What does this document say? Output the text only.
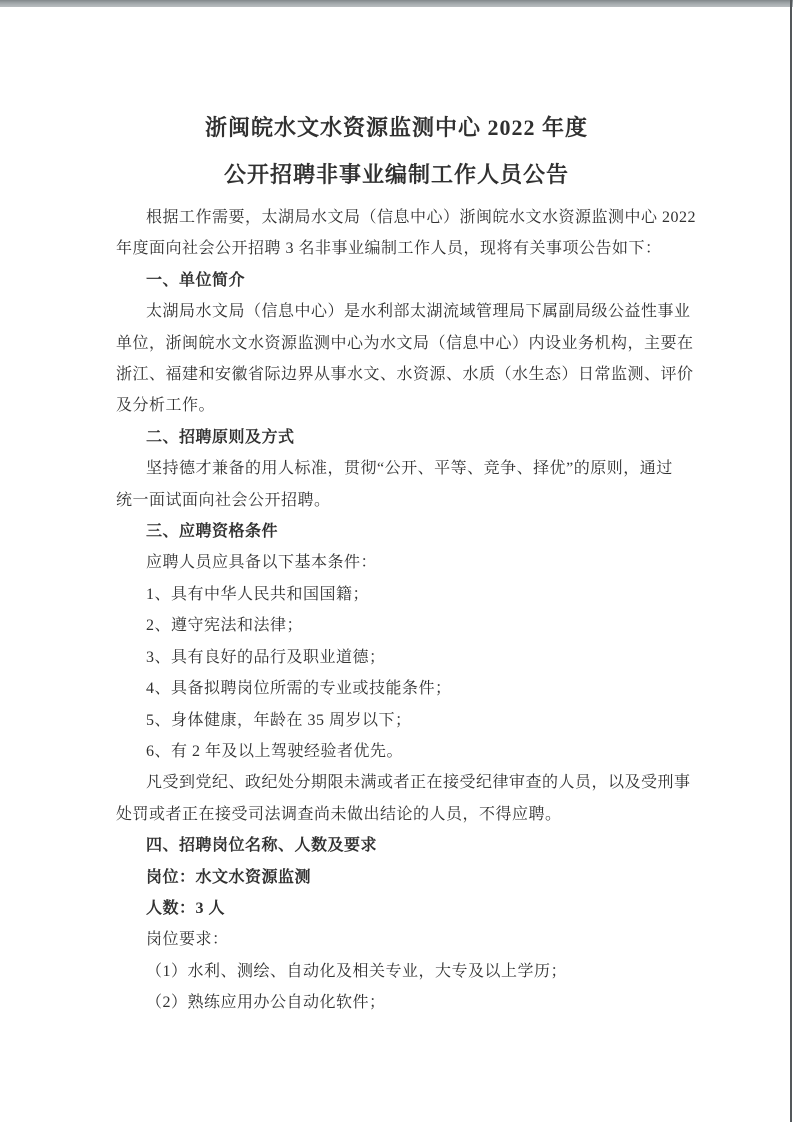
浙闽皖水文水资源监测中心 2022 年度
公开招聘非事业编制工作人员公告
根据工作需要，太湖局水文局（信息中心）浙闽皖水文水资源监测中心 2022
年度面向社会公开招聘 3 名非事业编制工作人员，现将有关事项公告如下：
一、单位简介
太湖局水文局（信息中心）是水利部太湖流域管理局下属副局级公益性事业
单位，浙闽皖水文水资源监测中心为水文局（信息中心）内设业务机构，主要在
浙江、福建和安徽省际边界从事水文、水资源、水质（水生态）日常监测、评价
及分析工作。
二、招聘原则及方式
坚持德才兼备的用人标准，贯彻“公开、平等、竞争、择优”的原则，通过
统一面试面向社会公开招聘。
三、应聘资格条件
应聘人员应具备以下基本条件：
1、具有中华人民共和国国籍；
2、遵守宪法和法律；
3、具有良好的品行及职业道德；
4、具备拟聘岗位所需的专业或技能条件；
5、身体健康，年龄在 35 周岁以下；
6、有 2 年及以上驾驶经验者优先。
凡受到党纪、政纪处分期限未满或者正在接受纪律审查的人员，以及受刑事
处罚或者正在接受司法调查尚未做出结论的人员，不得应聘。
四、招聘岗位名称、人数及要求
岗位：水文水资源监测
人数：3 人
岗位要求：
（1）水利、测绘、自动化及相关专业，大专及以上学历；
（2）熟练应用办公自动化软件；
